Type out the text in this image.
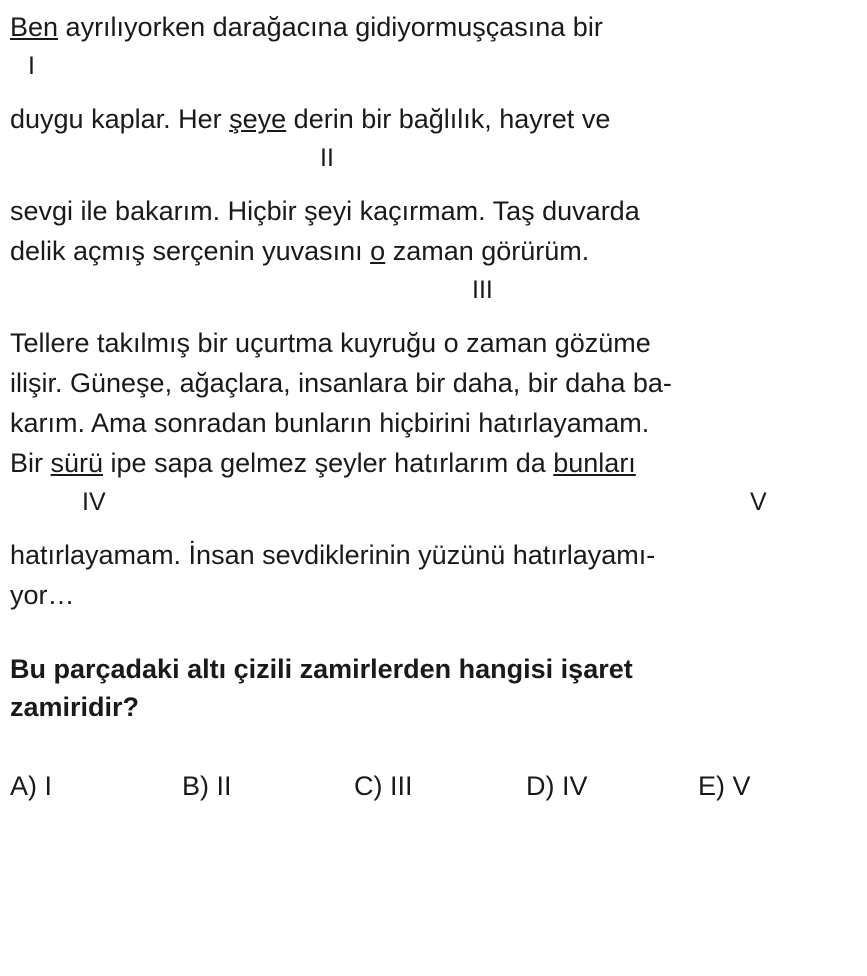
Ben ayrılıyorken darağacına gidiyormuşçasına bir
I
duygu kaplar. Her şeye derin bir bağlılık, hayret ve
II
sevgi ile bakarım. Hiçbir şeyi kaçırmam. Taş duvarda
delik açmış serçenin yuvasını o zaman görürüm.
III
Tellere takılmış bir uçurtma kuyruğu o zaman gözüme
ilişir. Güneşe, ağaçlara, insanlara bir daha, bir daha ba-
karım. Ama sonradan bunların hiçbirini hatırlayamam.
Bir sürü ipe sapa gelmez şeyler hatırlarım da bunları
IV	V
hatırlayamam. İnsan sevdiklerinin yüzünü hatırlayamı-
yor…
Bu parçadaki altı çizili zamirlerden hangisi işaret
zamiridir?
A) I	B) II	C) III	D) IV	E) V
